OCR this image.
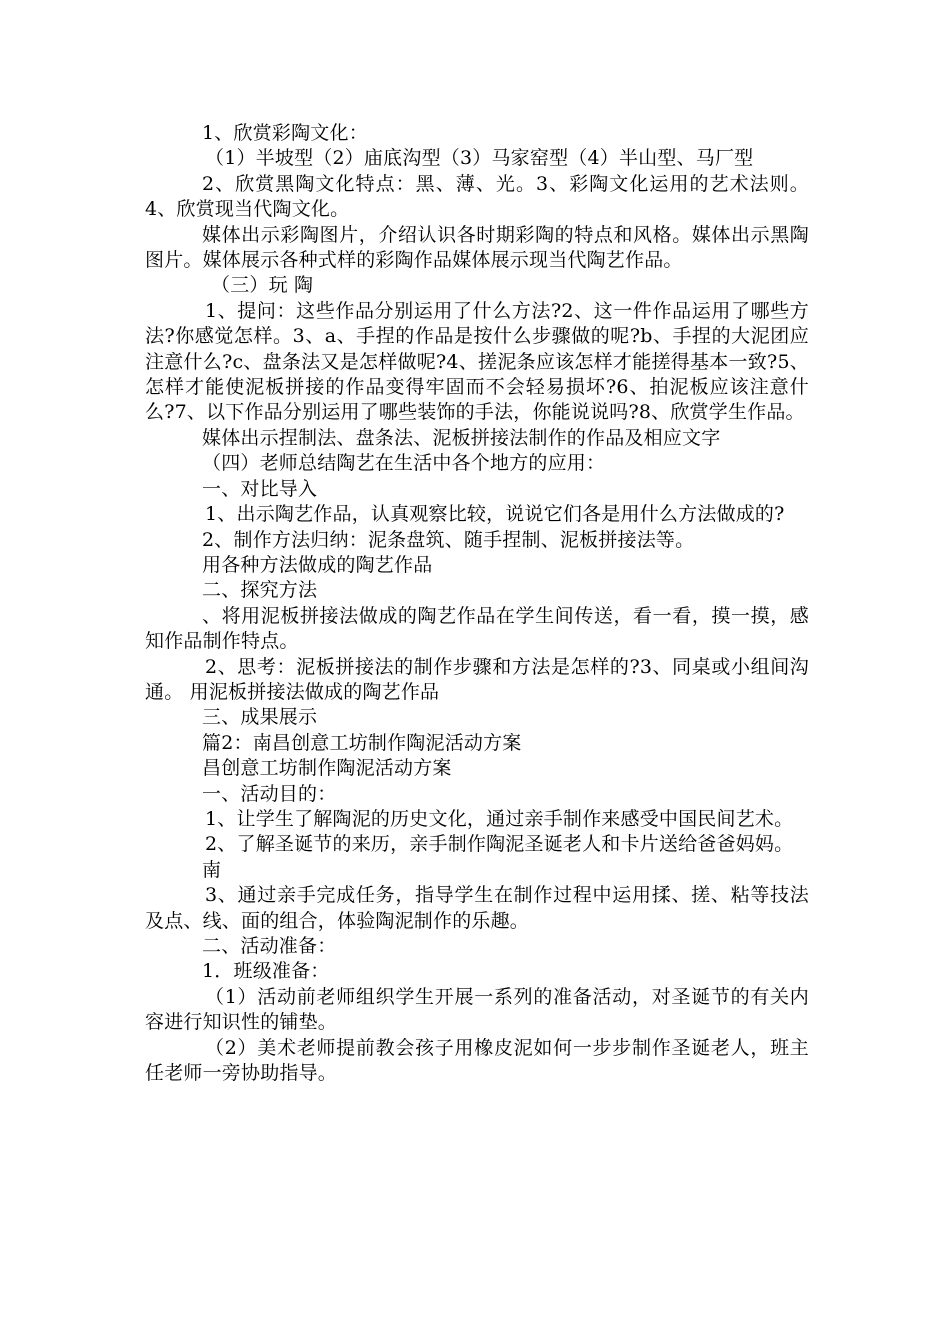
1、欣赏彩陶文化：

（1）半坡型（2）庙底沟型（3）马家窑型（4）半山型、马厂型

2、欣赏黑陶文化特点：黑、薄、光。3、彩陶文化运用的艺术法则。4、欣赏现当代陶文化。

媒体出示彩陶图片，介绍认识各时期彩陶的特点和风格。媒体出示黑陶图片。媒体展示各种式样的彩陶作品媒体展示现当代陶艺作品。

（三）玩 陶

1、提问：这些作品分别运用了什么方法?2、这一件作品运用了哪些方法?你感觉怎样。3、a、手捏的作品是按什么步骤做的呢?b、手捏的大泥团应注意什么?c、盘条法又是怎样做呢?4、搓泥条应该怎样才能搓得基本一致?5、怎样才能使泥板拼接的作品变得牢固而不会轻易损坏?6、拍泥板应该注意什么?7、以下作品分别运用了哪些装饰的手法，你能说说吗?8、欣赏学生作品。

媒体出示捏制法、盘条法、泥板拼接法制作的作品及相应文字

（四）老师总结陶艺在生活中各个地方的应用：

一、对比导入

1、出示陶艺作品，认真观察比较，说说它们各是用什么方法做成的?

2、制作方法归纳：泥条盘筑、随手捏制、泥板拼接法等。

用各种方法做成的陶艺作品

二、探究方法

、将用泥板拼接法做成的陶艺作品在学生间传送，看一看，摸一摸，感知作品制作特点。

2、思考：泥板拼接法的制作步骤和方法是怎样的?3、同桌或小组间沟通。 用泥板拼接法做成的陶艺作品

三、成果展示

篇2：南昌创意工坊制作陶泥活动方案

昌创意工坊制作陶泥活动方案

一、活动目的：

1、让学生了解陶泥的历史文化，通过亲手制作来感受中国民间艺术。

2、了解圣诞节的来历，亲手制作陶泥圣诞老人和卡片送给爸爸妈妈。

南

3、通过亲手完成任务，指导学生在制作过程中运用揉、搓、粘等技法及点、线、面的组合，体验陶泥制作的乐趣。

二、活动准备：

1．班级准备：

（1）活动前老师组织学生开展一系列的准备活动，对圣诞节的有关内容进行知识性的铺垫。

（2）美术老师提前教会孩子用橡皮泥如何一步步制作圣诞老人，班主任老师一旁协助指导。
